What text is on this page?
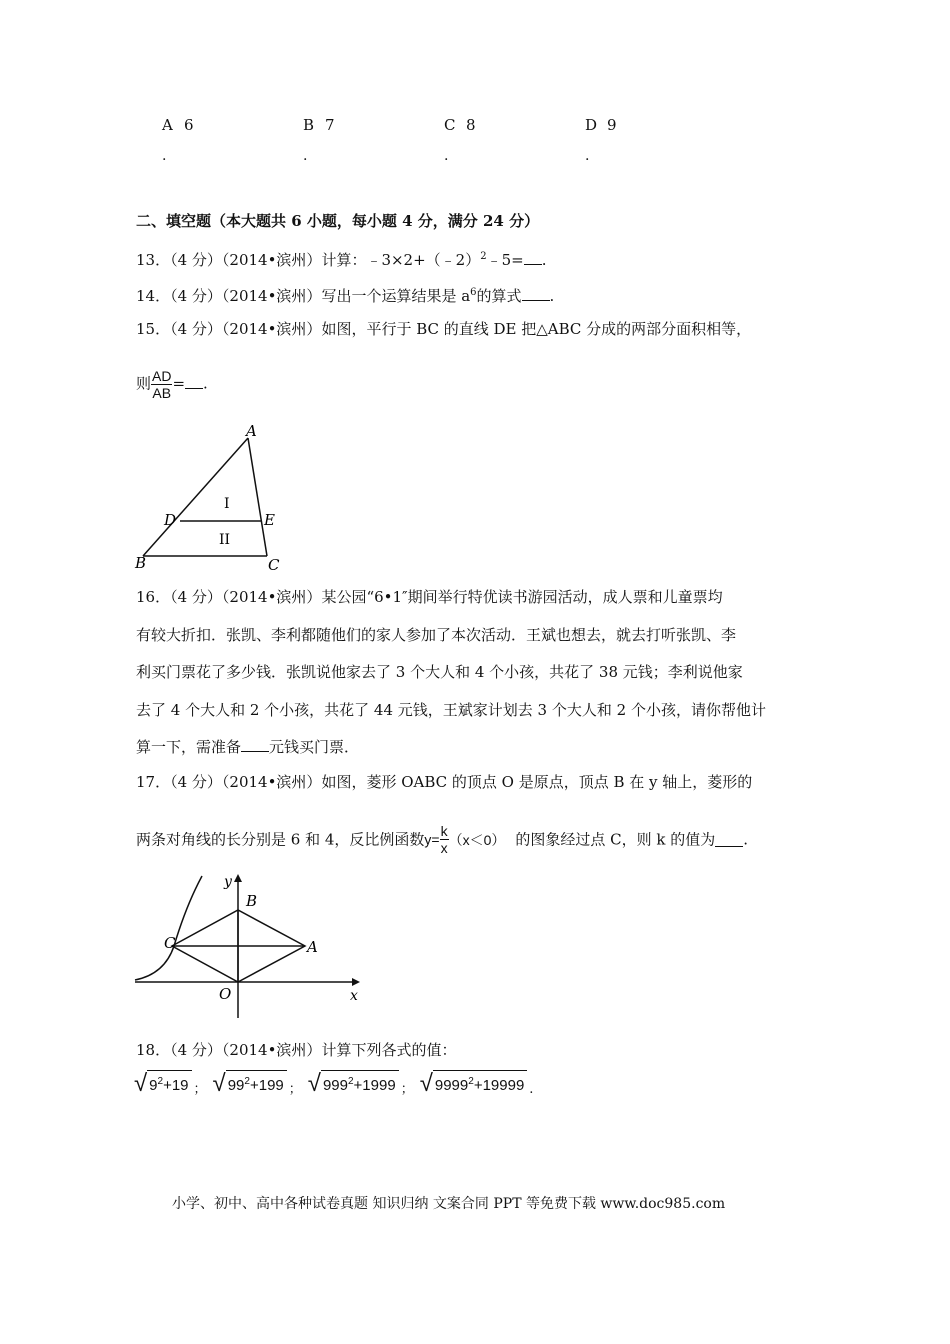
A 6
.
B 7
.
C 8
.
D 9
.
二、填空题（本大题共 6 小题，每小题 4 分，满分 24 分）
13．（4 分）（2014•滨州）计算：﹣3×2+（﹣2）$^2$﹣5= .
14．（4 分）（2014•滨州）写出一个运算结果是 $a^6$的算式 .
15．（4 分）（2014•滨州）如图，平行于 BC 的直线 DE 把△ABC 分成的两部分面积相等，
则 $\frac{AD}{AB}$ = .
A
D	E
B	C
I
II
16．（4 分）（2014•滨州）某公园“6•1″期间举行特优读书游园活动，成人票和儿童票均
有较大折扣．张凯、李利都随他们的家人参加了本次活动．王斌也想去，就去打听张凯、李
利买门票花了多少钱．张凯说他家去了 3 个大人和 4 个小孩，共花了 38 元钱；李利说他家
去了 4 个大人和 2 个小孩，共花了 44 元钱，王斌家计划去 3 个大人和 2 个小孩，请你帮他计
算一下，需准备 元钱买门票．
17．（4 分）（2014•滨州）如图，菱形 OABC 的顶点 O 是原点，顶点 B 在 y 轴上，菱形的
两条对角线的长分别是 6 和 4，反比例函数$y= \frac{k}{x} (x<0)$ 的图象经过点 C，则 k 的值为 .
y
x
B
C	A
O
18．（4 分）（2014•滨州）计算下列各式的值：
√ $9^2+19$ ； √ $99^2+199$ ； √ $999^2+1999$ ； √ $9999^2+19999$ .
小学、初中、高中各种试卷真题 知识归纳 文案合同 PPT 等免费下载 www.doc985.com
